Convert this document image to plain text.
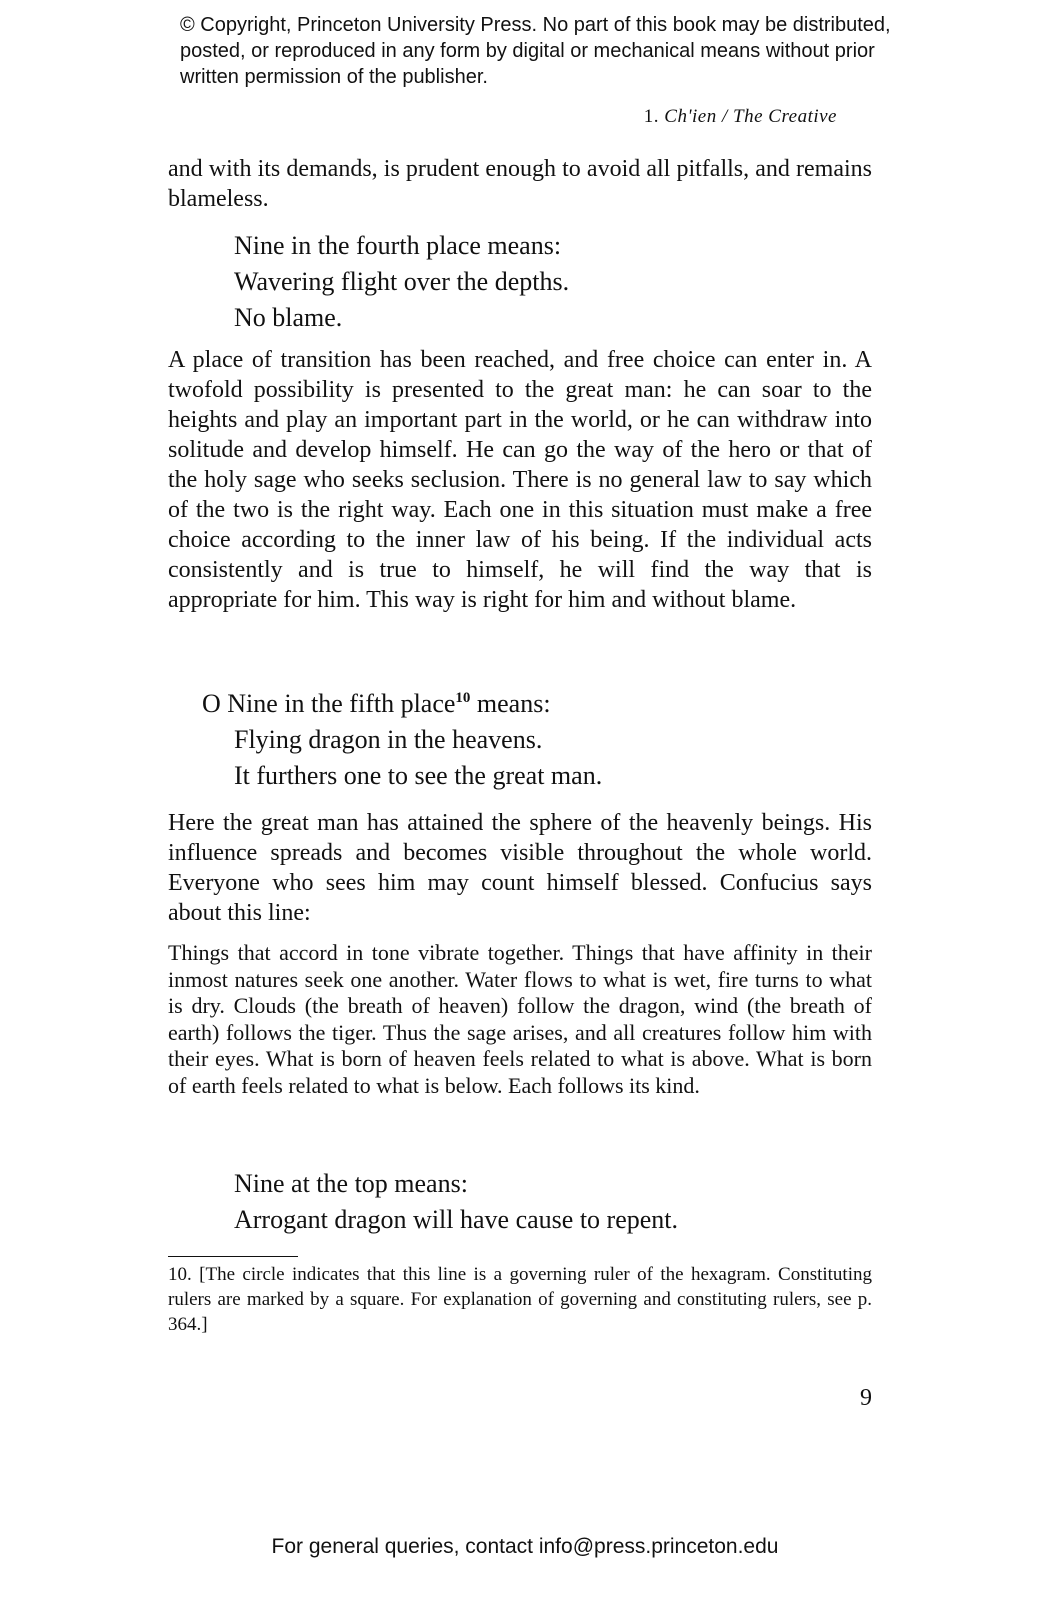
© Copyright, Princeton University Press. No part of this book may be distributed, posted, or reproduced in any form by digital or mechanical means without prior written permission of the publisher.
1. Ch'ien / The Creative

and with its demands, is prudent enough to avoid all pitfalls, and remains blameless.

Nine in the fourth place means:
Wavering flight over the depths.
No blame.

A place of transition has been reached, and free choice can enter in. A twofold possibility is presented to the great man: he can soar to the heights and play an important part in the world, or he can withdraw into solitude and develop himself. He can go the way of the hero or that of the holy sage who seeks seclusion. There is no general law to say which of the two is the right way. Each one in this situation must make a free choice according to the inner law of his being. If the individual acts consistently and is true to himself, he will find the way that is appropriate for him. This way is right for him and without blame.

O Nine in the fifth place$^{10}$ means:
Flying dragon in the heavens.
It furthers one to see the great man.

Here the great man has attained the sphere of the heavenly beings. His influence spreads and becomes visible throughout the whole world. Everyone who sees him may count himself blessed. Confucius says about this line:

Things that accord in tone vibrate together. Things that have affinity in their inmost natures seek one another. Water flows to what is wet, fire turns to what is dry. Clouds (the breath of heaven) follow the dragon, wind (the breath of earth) follows the tiger. Thus the sage arises, and all creatures follow him with their eyes. What is born of heaven feels related to what is above. What is born of earth feels related to what is below. Each follows its kind.

Nine at the top means:
Arrogant dragon will have cause to repent.

10. [The circle indicates that this line is a governing ruler of the hexagram. Constituting rulers are marked by a square. For explanation of governing and constituting rulers, see p. 364.]

9
For general queries, contact info@press.princeton.edu
